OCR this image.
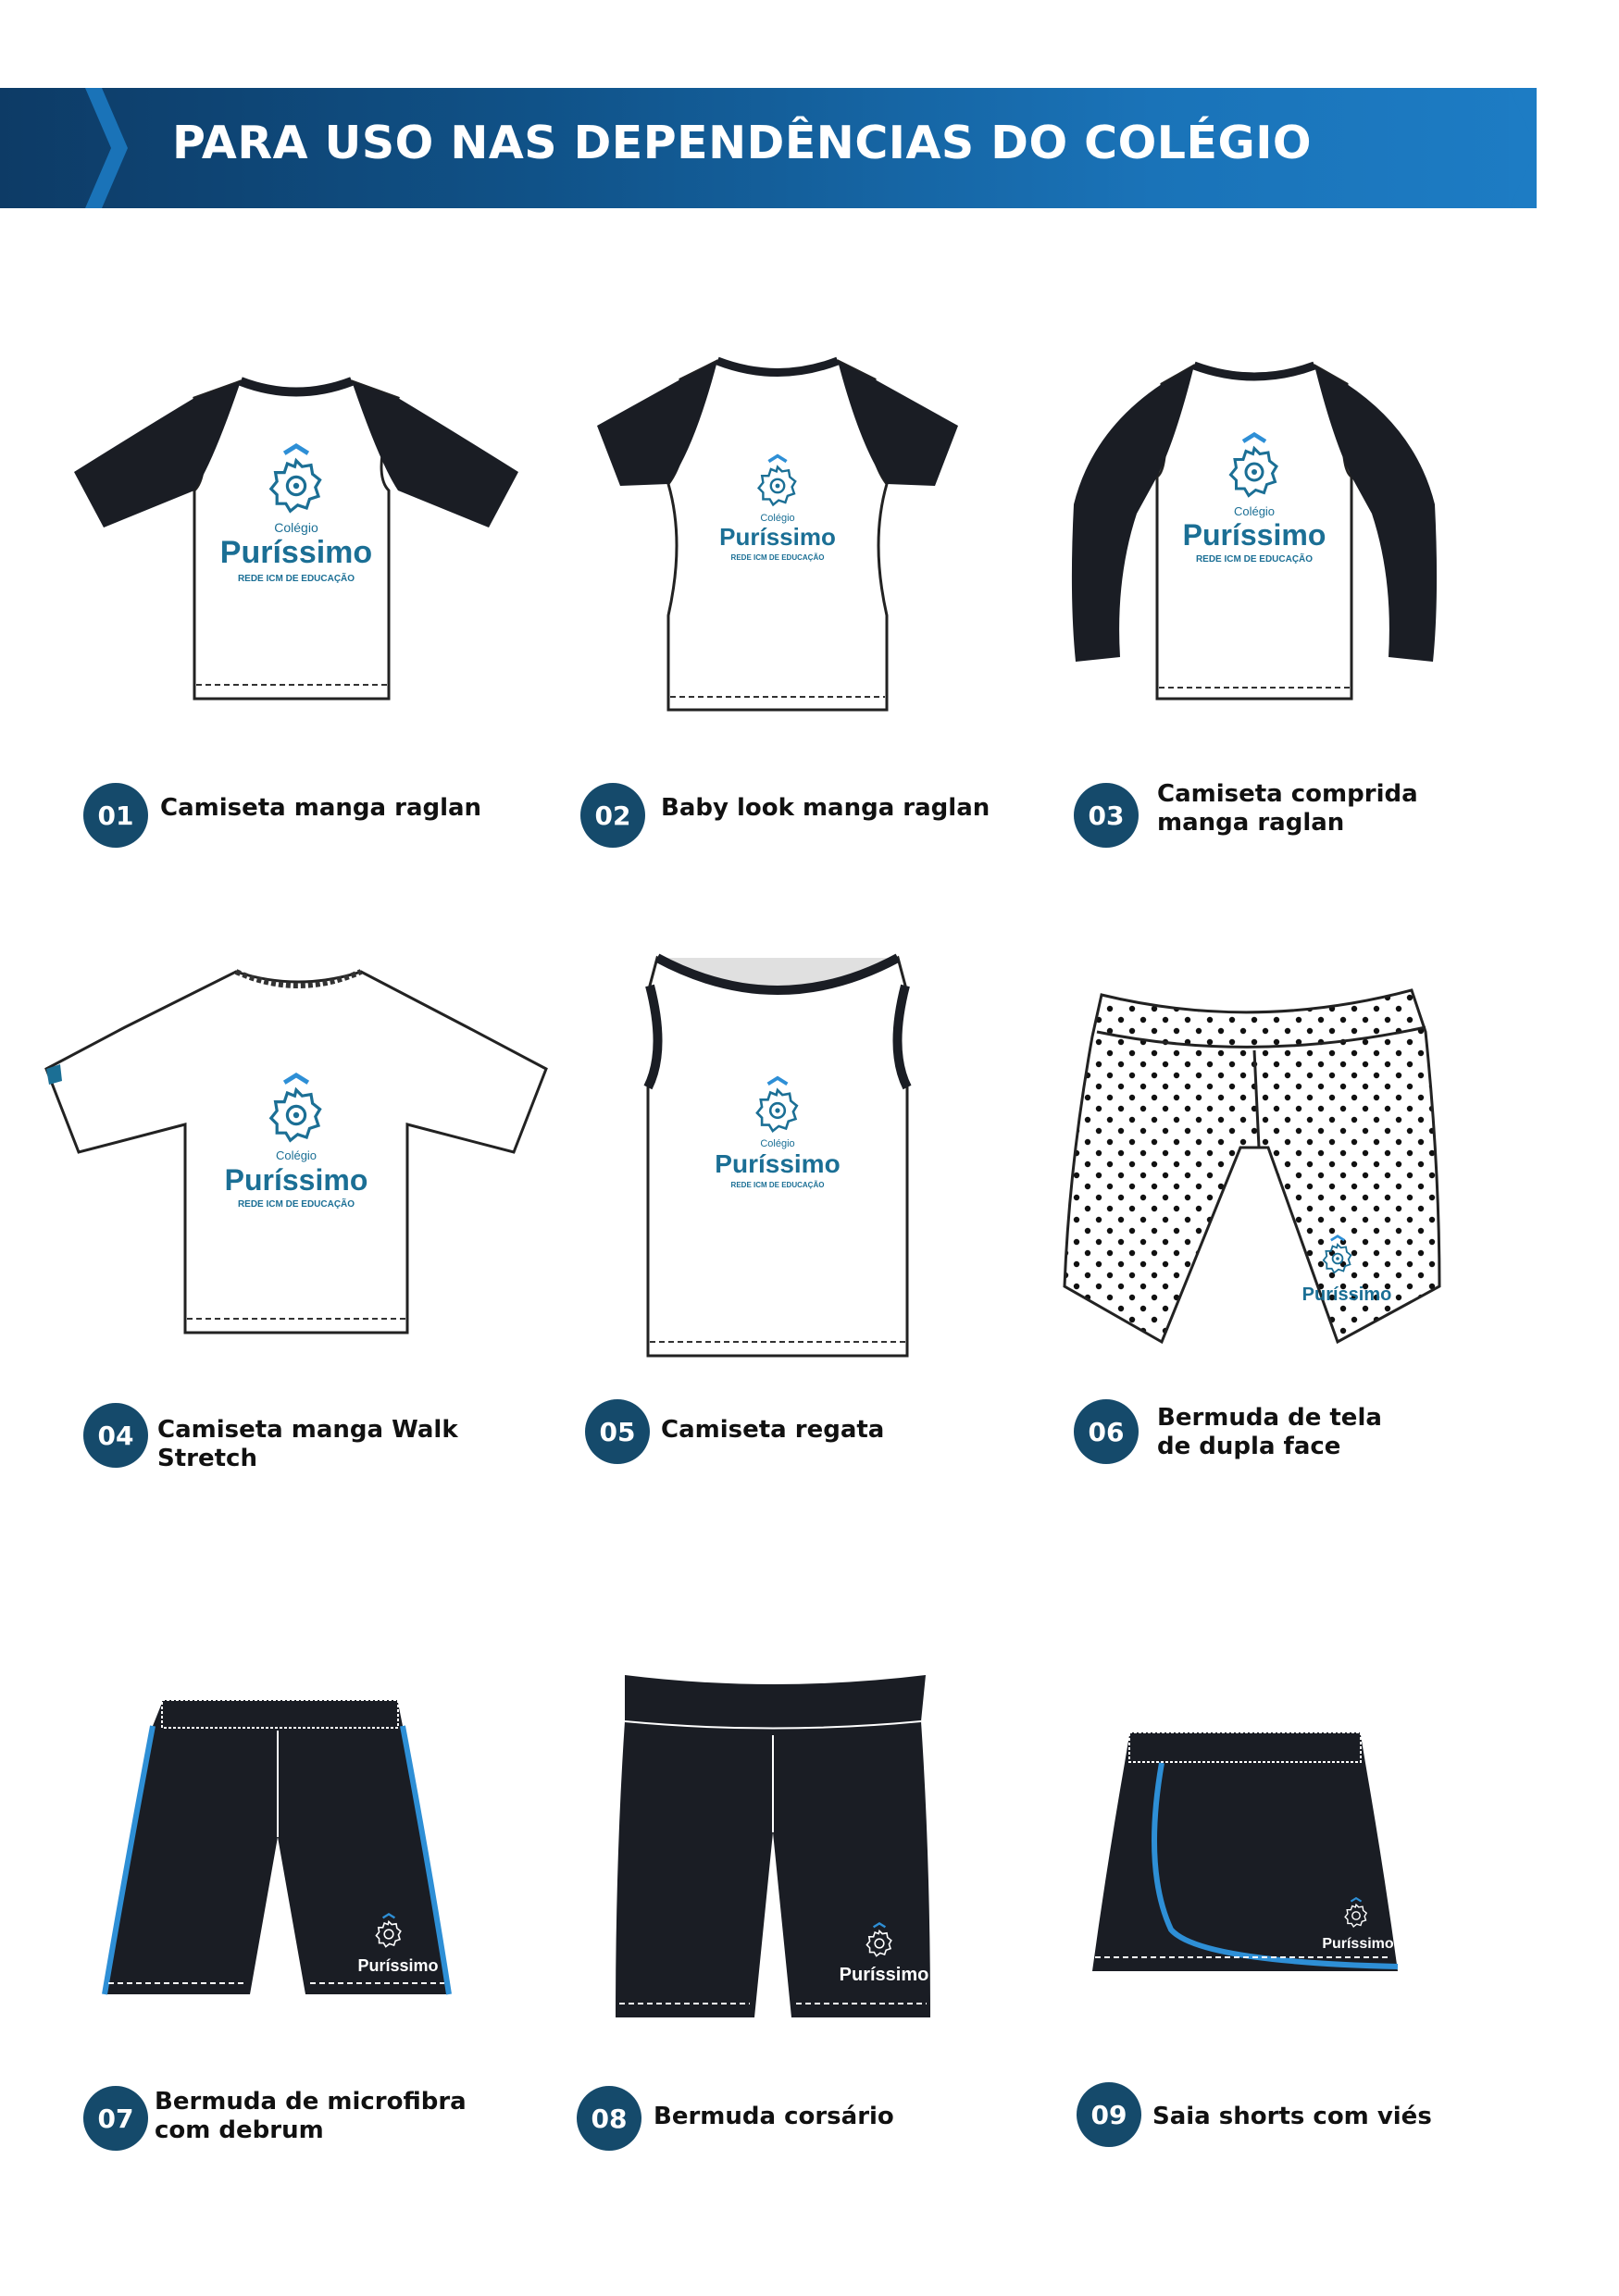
PARA USO NAS DEPENDÊNCIAS DO COLÉGIO
Colégio
Puríssimo
REDE ICM DE EDUCAÇÃO
Colégio
Puríssimo
REDE ICM DE EDUCAÇÃO
Colégio
Puríssimo
REDE ICM DE EDUCAÇÃO
Colégio
Puríssimo
REDE ICM DE EDUCAÇÃO
Colégio
Puríssimo
REDE ICM DE EDUCAÇÃO
Puríssimo
Puríssimo	Puríssimo
Puríssimo
01	Camiseta manga raglan	02	Baby look manga raglan	03
Camiseta comprida manga raglan
04 Camiseta manga Walk Stretch
05	Camiseta regata	06	Bermuda de tela de dupla face
07
Bermuda de microfibra com debrum	08	Bermuda corsário	09	Saia shorts com viés
